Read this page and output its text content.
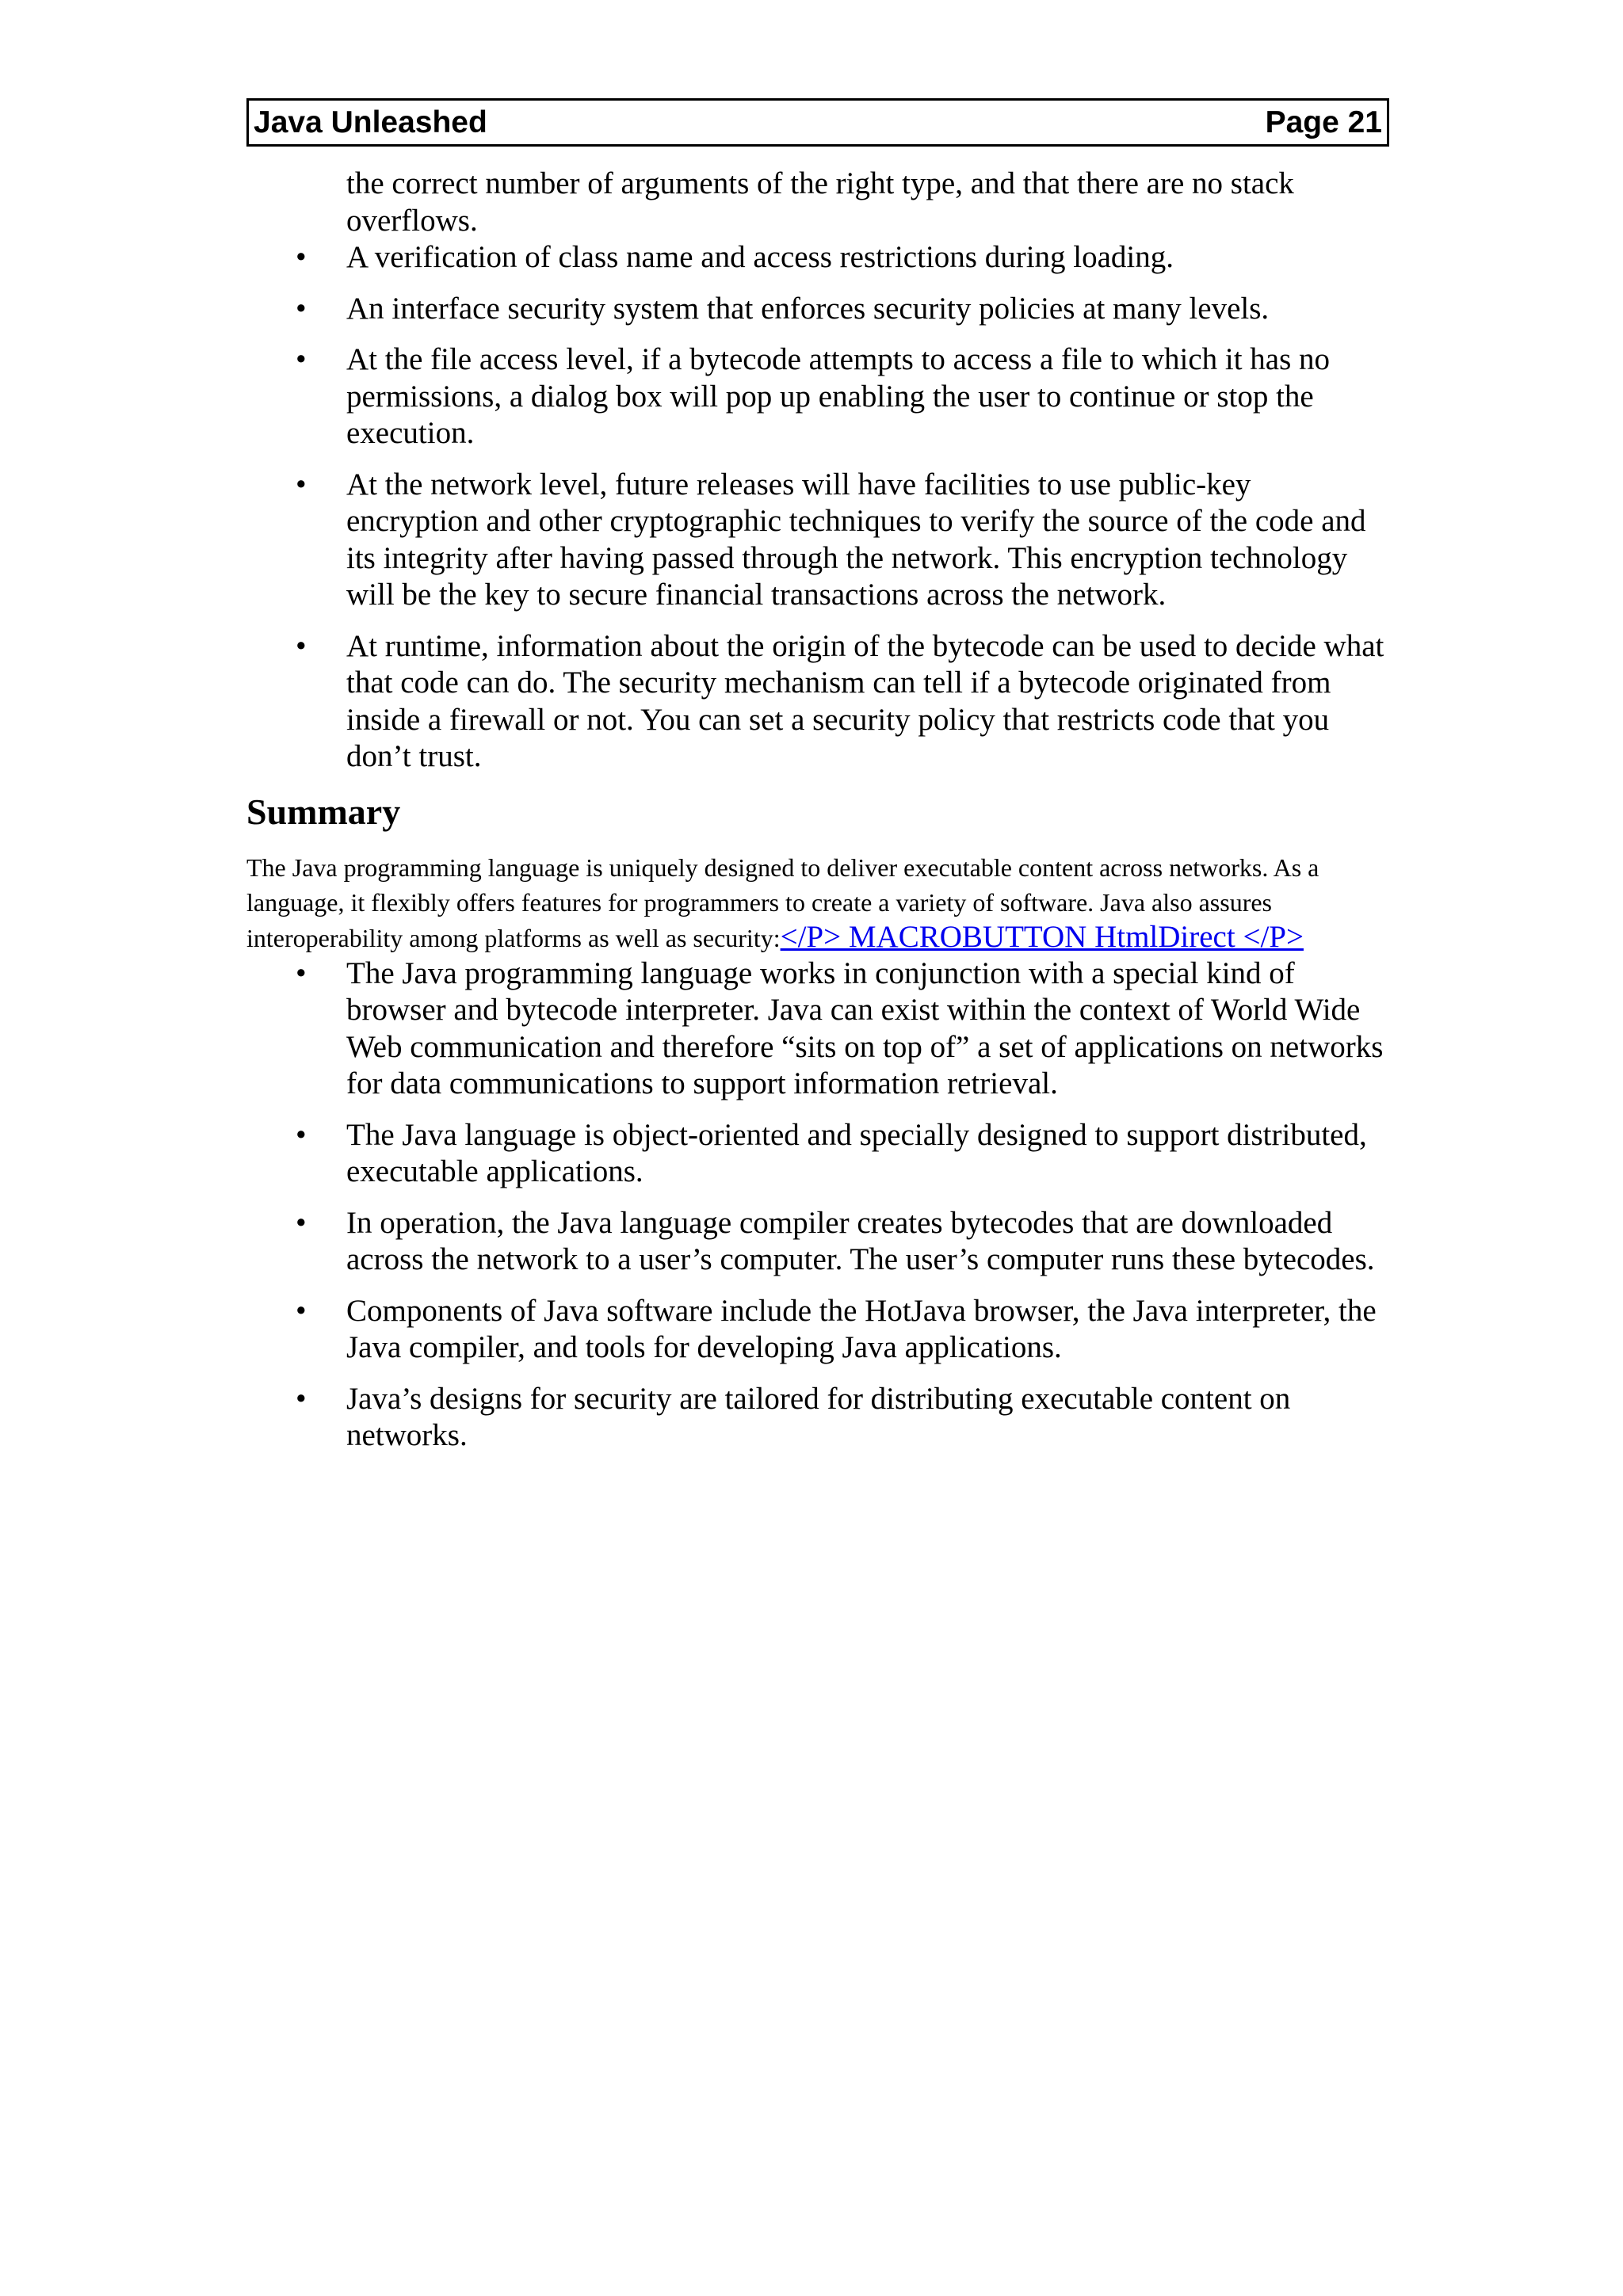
Java Unleashed	Page 21
the correct number of arguments of the right type, and that there are no stack overflows.
• A verification of class name and access restrictions during loading.
• An interface security system that enforces security policies at many levels.
• At the file access level, if a bytecode attempts to access a file to which it has no permissions, a dialog box will pop up enabling the user to continue or stop the execution.
• At the network level, future releases will have facilities to use public-key encryption and other cryptographic techniques to verify the source of the code and its integrity after having passed through the network. This encryption technology will be the key to secure financial transactions across the network.
• At runtime, information about the origin of the bytecode can be used to decide what that code can do. The security mechanism can tell if a bytecode originated from inside a firewall or not. You can set a security policy that restricts code that you don’t trust.
Summary
The Java programming language is uniquely designed to deliver executable content across networks. As a language, it flexibly offers features for programmers to create a variety of software. Java also assures interoperability among platforms as well as security:</P> MACROBUTTON HtmlDirect </P>
• The Java programming language works in conjunction with a special kind of browser and bytecode interpreter. Java can exist within the context of World Wide Web communication and therefore “sits on top of” a set of applications on networks for data communications to support information retrieval.
• The Java language is object-oriented and specially designed to support distributed, executable applications.
• In operation, the Java language compiler creates bytecodes that are downloaded across the network to a user’s computer. The user’s computer runs these bytecodes.
• Components of Java software include the HotJava browser, the Java interpreter, the Java compiler, and tools for developing Java applications.
• Java’s designs for security are tailored for distributing executable content on networks.
